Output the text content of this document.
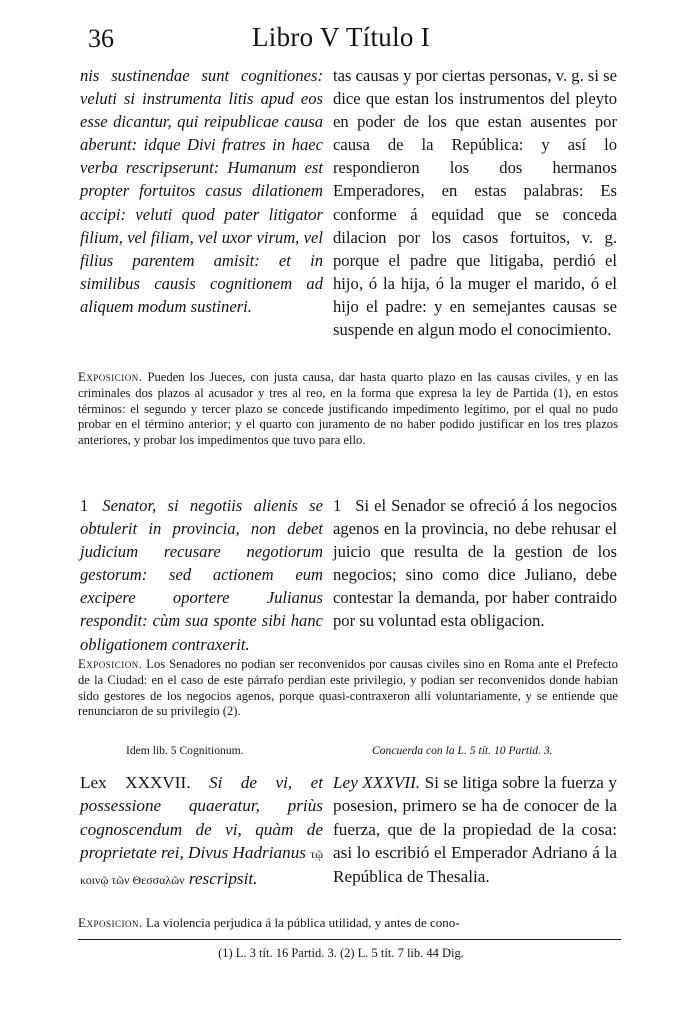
36	Libro V Título I

nis sustinendae sunt cognitiones: veluti si instrumenta litis apud eos esse dicantur, qui reipublicae causa aberunt: idque Divi fratres in haec verba rescripserunt: Humanum est propter fortuitos casus dilationem accipi: veluti quod pater litigator filium, vel filiam, vel uxor virum, vel filius parentem amisit: et in similibus causis cognitionem ad aliquem modum sustineri.

tas causas y por ciertas personas, v. g. si se dice que estan los instrumentos del pleyto en poder de los que estan ausentes por causa de la República: y así lo respondieron los dos hermanos Emperadores, en estas palabras: Es conforme á equidad que se conceda dilacion por los casos fortuitos, v. g. porque el padre que litigaba, perdió el hijo, ó la hija, ó la muger el marido, ó el hijo el padre: y en semejantes causas se suspende en algun modo el conocimiento.

Exposicion. Pueden los Jueces, con justa causa, dar hasta quarto plazo en las causas civiles, y en las criminales dos plazos al acusador y tres al reo, en la forma que expresa la ley de Partida (1), en estos términos: el segundo y tercer plazo se concede justificando impedimento legítimo, por el qual no pudo probar en el término anterior; y el quarto con juramento de no haber podido justificar en los tres plazos anteriores, y probar los impedimentos que tuvo para ello.

1 Senator, si negotiis alienis se obtulerit in provincia, non debet judicium recusare negotiorum gestorum: sed actionem eum excipere oportere Julianus respondit: cùm sua sponte sibi hanc obligationem contraxerit.

1 Si el Senador se ofreció á los negocios agenos en la provincia, no debe rehusar el juicio que resulta de la gestion de los negocios; sino como dice Juliano, debe contestar la demanda, por haber contraido por su voluntad esta obligacion.

Exposicion. Los Senadores no podian ser reconvenidos por causas civiles sino en Roma ante el Prefecto de la Ciudad: en el caso de este párrafo perdian este privilegio, y podian ser reconvenidos donde habian sido gestores de los negocios agenos, porque quasi-contraxeron allí voluntariamente, y se entiende que renunciaron de su privilegio (2).

Idem lib. 5 Cognitionum.	Concuerda con la L. 5 tít. 10 Partid. 3.

Lex XXXVII. Si de vi, et possessione quaeratur, priùs cognoscendum de vi, quàm de proprietate rei, Divus Hadrianus τῷ κοινῷ τῶν Θεσσαλῶν rescripsit.

Ley XXXVII. Si se litiga sobre la fuerza y posesion, primero se ha de conocer de la fuerza, que de la propiedad de la cosa: asi lo escribió el Emperador Adriano á la República de Thesalia.

Exposicion. La violencia perjudica á la pública utilidad, y antes de cono-

(1) L. 3 tít. 16 Partid. 3. (2) L. 5 tít. 7 lib. 44 Dig.
